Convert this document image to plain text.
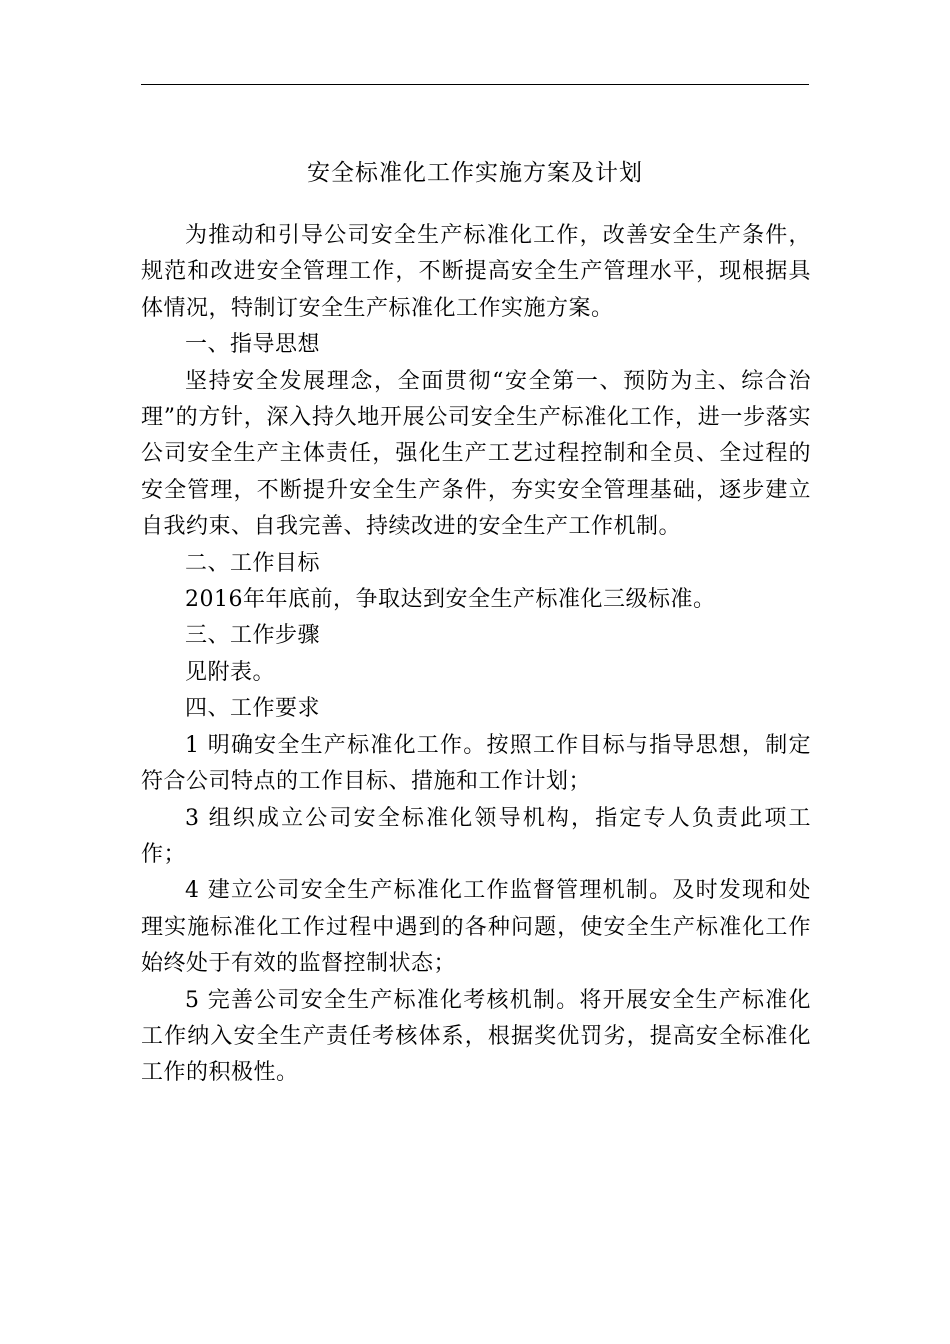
安全标准化工作实施方案及计划

为推动和引导公司安全生产标准化工作，改善安全生产条件，规范和改进安全管理工作，不断提高安全生产管理水平，现根据具体情况，特制订安全生产标准化工作实施方案。

一、指导思想

坚持安全发展理念，全面贯彻“安全第一、预防为主、综合治理”的方针，深入持久地开展公司安全生产标准化工作，进一步落实公司安全生产主体责任，强化生产工艺过程控制和全员、全过程的安全管理，不断提升安全生产条件，夯实安全管理基础，逐步建立自我约束、自我完善、持续改进的安全生产工作机制。

二、工作目标

2016年年底前，争取达到安全生产标准化三级标准。

三、工作步骤

见附表。

四、工作要求

1 明确安全生产标准化工作。按照工作目标与指导思想，制定符合公司特点的工作目标、措施和工作计划；

3 组织成立公司安全标准化领导机构，指定专人负责此项工作；

4 建立公司安全生产标准化工作监督管理机制。及时发现和处理实施标准化工作过程中遇到的各种问题，使安全生产标准化工作始终处于有效的监督控制状态；

5 完善公司安全生产标准化考核机制。将开展安全生产标准化工作纳入安全生产责任考核体系，根据奖优罚劣，提高安全标准化工作的积极性。
